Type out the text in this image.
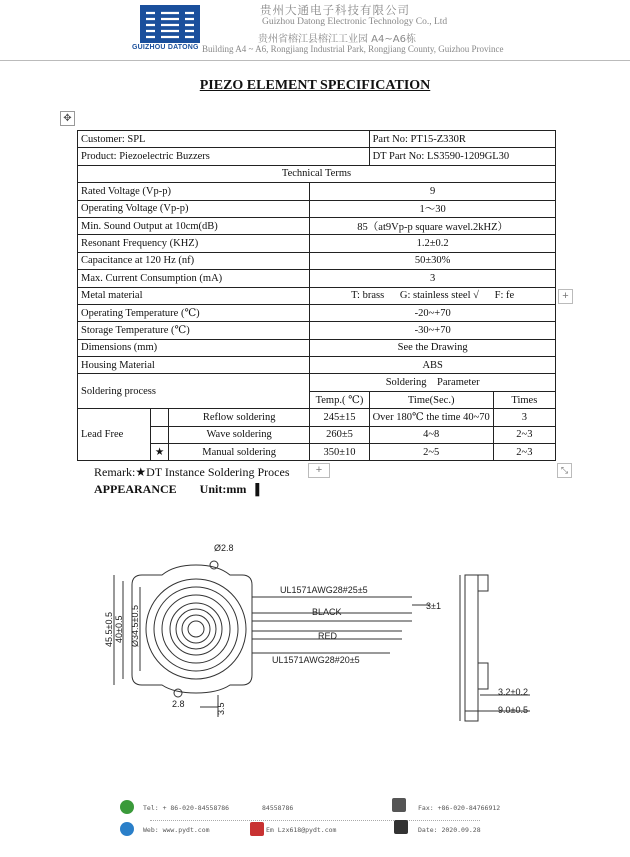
GUIZHOU DATONG
贵州大通电子科技有限公司
Guizhou Datong Electronic Technology Co., Ltd
贵州省榕江县榕江工业园 A4~A6栋
Building A4 ~ A6, Rongjiang Industrial Park, Rongjiang County, Guizhou Province
PIEZO ELEMENT SPECIFICATION
✥
Customer: SPL				Part No: PT15-Z330R	
Product: Piezoelectric Buzzers				DT Part No: LS3590-1209GL30	
Technical Terms					
Rated Voltage (Vp-p)			9		
Operating Voltage (Vp-p)			1～30		
Min. Sound Output at 10cm(dB)			85（at9Vp-p square wavel.2kHZ）		
Resonant Frequency (KHZ)			1.2±0.2		
Capacitance at 120 Hz (nf)			50±30%		
Max. Current Consumption (mA)			3		
Metal material			T: brass      G: stainless steel √      F: fe		
Operating Temperature (℃)			-20~+70		
Storage Temperature (℃)			-30~+70		
Dimensions (mm)			See the Drawing		
Housing Material			ABS		
Soldering process			Soldering    Parameter		
			Temp.( ℃)	Time(Sec.)	Times
Lead Free		Reflow soldering	245±15	Over 180℃ the time 40~70	3
		Wave soldering	260±5	4~8	2~3
	★	Manual soldering	350±10	2~5	2~3
+
+	⤡
Remark:★DT Instance Soldering Proces
APPEARANCE Unit:mm ▌
Ø2.8
UL1571AWG28#25±5
BLACK
RED
UL1571AWG28#20±5
3±1
2.8
3.2±0.2
9.0±0.5
45.5±0.5 40±0.5 Ø34.5±0.5
3.5
Tel: + 86-020-84558786	84558786	Fax: +86-020-84766912
Web: www.pydt.com	Em Lzx618@pydt.com	Date: 2020.09.28
